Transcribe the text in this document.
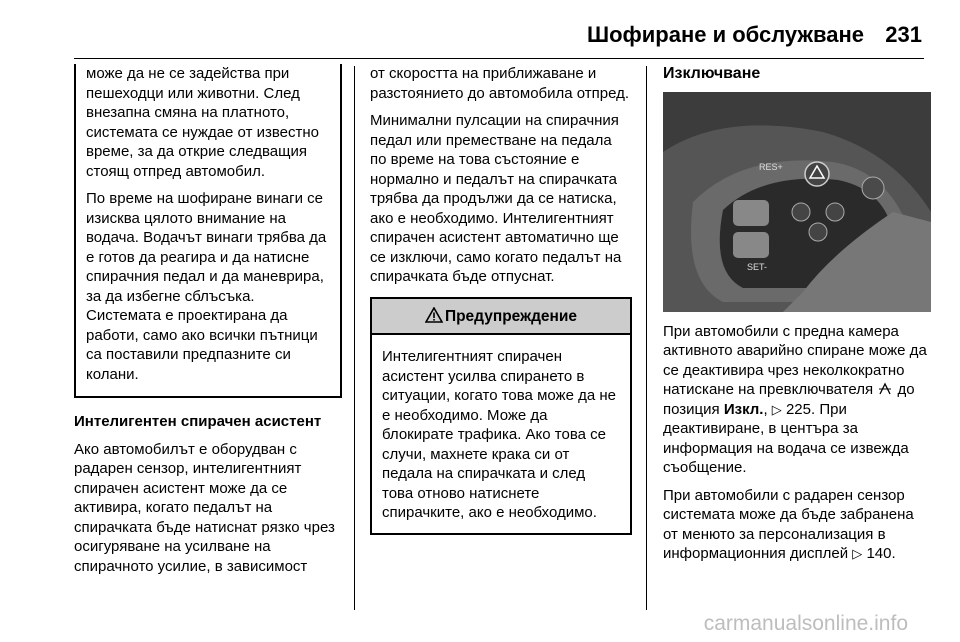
Шофиране и обслужване 231

може да не се задейства при пешеходци или животни. След внезапна смяна на платното, системата се нуждае от известно време, за да открие следващия стоящ отпред автомобил.

По време на шофиране винаги се изисква цялото внимание на водача. Водачът винаги трябва да е готов да реагира и да натисне спирачния педал и да маневрира, за да избегне сблъсъка. Системата е проектирана да работи, само ако всички пътници са поставили предпазните си колани.

Интелигентен спирачен асистент

Ако автомобилът е оборудван с радарен сензор, интелигентният спирачен асистент може да се активира, когато педалът на спирачката бъде натиснат рязко чрез осигуряване на усилване на спирачното усилие, в зависимост

от скоростта на приближаване и разстоянието до автомобила отпред.

Минимални пулсации на спирачния педал или преместване на педала по време на това състояние е нормално и педалът на спирачката трябва да продължи да се натиска, ако е необходимо. Интелигентният спирачен асистент автоматично ще се изключи, само когато педалът на спирачката бъде отпуснат.

Предупреждение
Интелигентният спирачен асистент усилва спирането в ситуации, когато това може да не е необходимо. Може да блокирате трафика. Ако това се случи, махнете крака си от педала на спирачката и след това отново натиснете спирачките, ако е необходимо.

Изключване

RES+
SET-

При автомобили с предна камера активното аварийно спиране може да се деактивира чрез неколкократно натискане на превключвателя  до позиция Изкл., ▷ 225. При деактивиране, в центъра за информация на водача се извежда съобщение.

При автомобили с радарен сензор системата може да бъде забранена от менюто за персонализация в информационния дисплей ▷ 140.

carmanualsonline.info
